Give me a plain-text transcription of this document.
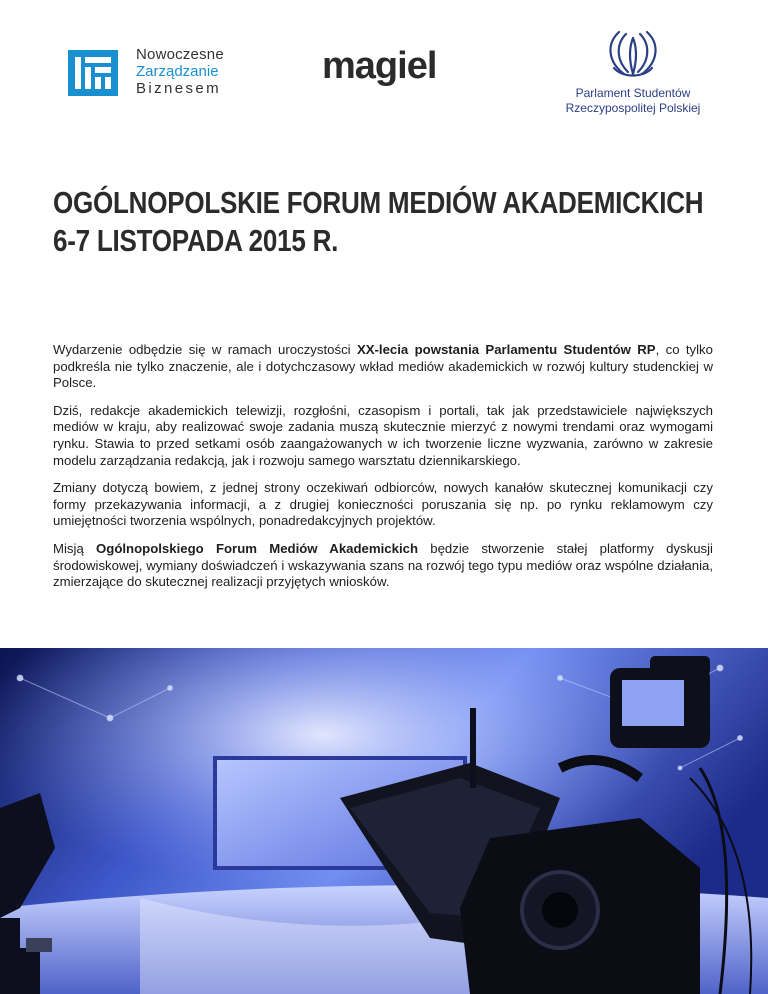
Nowoczesne
Zarządzanie
Biznesem
magiel
Parlament Studentów
Rzeczypospolitej Polskiej
OGÓLNOPOLSKIE FORUM MEDIÓW AKADEMICKICH
6-7 LISTOPADA 2015 R.

Wydarzenie odbędzie się w ramach uroczystości XX-lecia powstania Parlamentu Studentów RP, co tylko podkreśla nie tylko znaczenie, ale i dotychczasowy wkład mediów akademickich w rozwój kultury studenckiej w Polsce.

Dziś, redakcje akademickich telewizji, rozgłośni, czasopism i portali, tak jak przedstawiciele największych mediów w kraju, aby realizować swoje zadania muszą skutecznie mierzyć z nowymi trendami oraz wymogami rynku. Stawia to przed setkami osób zaangażowanych w ich tworzenie liczne wyzwania, zarówno w zakresie modelu zarządzania redakcją, jak i rozwoju samego warsztatu dziennikarskiego.

Zmiany dotyczą bowiem, z jednej strony oczekiwań odbiorców, nowych kanałów skutecznej komunikacji czy formy przekazywania informacji, a z drugiej konieczności poruszania się np. po rynku reklamowym czy umiejętności tworzenia wspólnych, ponadredakcyjnych projektów.

Misją Ogólnopolskiego Forum Mediów Akademickich będzie stworzenie stałej platformy dyskusji środowiskowej, wymiany doświadczeń i wskazywania szans na rozwój tego typu mediów oraz wspólne działania, zmierzające do skutecznej realizacji przyjętych wniosków.
